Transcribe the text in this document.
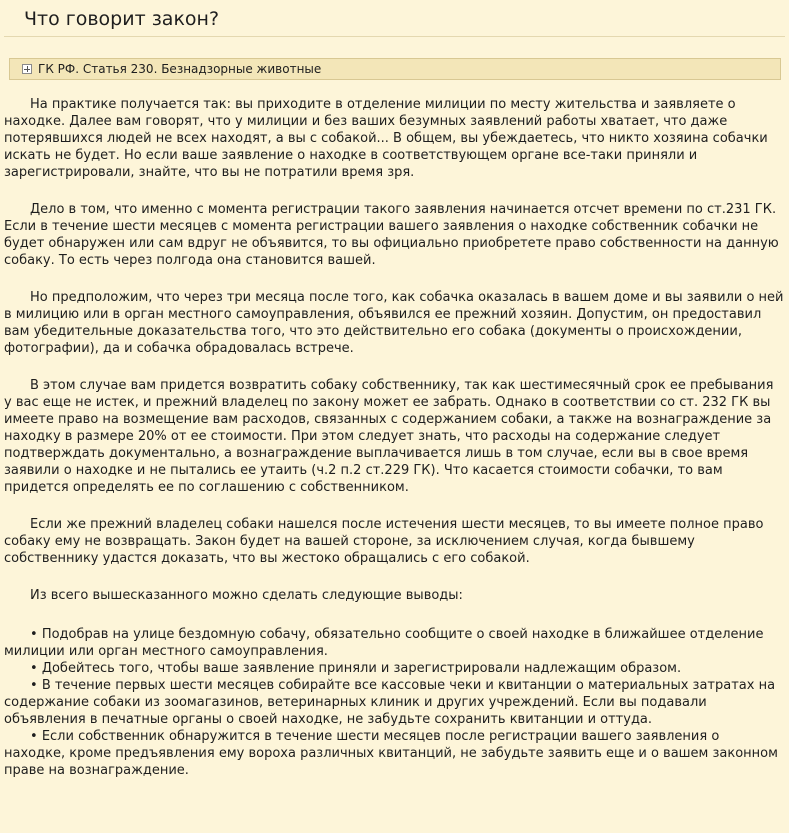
Что говорит закон?
ГК РФ. Статья 230. Безнадзорные животные

На практике получается так: вы приходите в отделение милиции по месту жительства и заявляете о находке. Далее вам говорят, что у милиции и без ваших безумных заявлений работы хватает, что даже потерявшихся людей не всех находят, а вы с собакой... В общем, вы убеждаетесь, что никто хозяина собачки искать не будет. Но если ваше заявление о находке в соответствующем органе все-таки приняли и зарегистрировали, знайте, что вы не потратили время зря.

Дело в том, что именно с момента регистрации такого заявления начинается отсчет времени по ст.231 ГК. Если в течение шести месяцев с момента регистрации вашего заявления о находке собственник собачки не будет обнаружен или сам вдруг не объявится, то вы официально приобретете право собственности на данную собаку. То есть через полгода она становится вашей.

Но предположим, что через три месяца после того, как собачка оказалась в вашем доме и вы заявили о ней в милицию или в орган местного самоуправления, объявился ее прежний хозяин. Допустим, он предоставил вам убедительные доказательства того, что это действительно его собака (документы о происхождении, фотографии), да и собачка обрадовалась встрече.

В этом случае вам придется возвратить собаку собственнику, так как шестимесячный срок ее пребывания у вас еще не истек, и прежний владелец по закону может ее забрать. Однако в соответствии со ст. 232 ГК вы имеете право на возмещение вам расходов, связанных с содержанием собаки, а также на вознаграждение за находку в размере 20% от ее стоимости. При этом следует знать, что расходы на содержание следует подтверждать документально, а вознаграждение выплачивается лишь в том случае, если вы в свое время заявили о находке и не пытались ее утаить (ч.2 п.2 ст.229 ГК). Что касается стоимости собачки, то вам придется определять ее по соглашению с собственником.

Если же прежний владелец собаки нашелся после истечения шести месяцев, то вы имеете полное право собаку ему не возвращать. Закон будет на вашей стороне, за исключением случая, когда бывшему собственнику удастся доказать, что вы жестоко обращались с его собакой.

Из всего вышесказанного можно сделать следующие выводы:

• Подобрав на улице бездомную собачу, обязательно сообщите о своей находке в ближайшее отделение милиции или орган местного самоуправления.
• Добейтесь того, чтобы ваше заявление приняли и зарегистрировали надлежащим образом.
• В течение первых шести месяцев собирайте все кассовые чеки и квитанции о материальных затратах на содержание собаки из зоомагазинов, ветеринарных клиник и других учреждений. Если вы подавали объявления в печатные органы о своей находке, не забудьте сохранить квитанции и оттуда.
• Если собственник обнаружится в течение шести месяцев после регистрации вашего заявления о находке, кроме предъявления ему вороха различных квитанций, не забудьте заявить еще и о вашем законном праве на вознаграждение.
